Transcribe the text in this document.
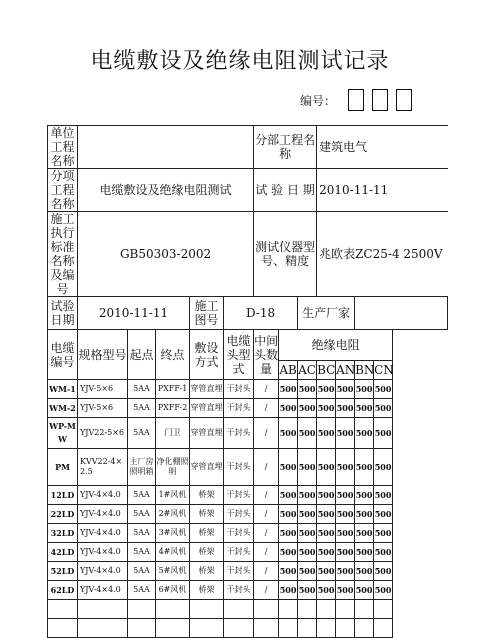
电缆敷设及绝缘电阻测试记录
编号：
单位工程名称						分部工程名称			建筑电气				
分项工程名称	电缆敷设及绝缘电阻测试					试 验 日 期			2010-11-11				
施工执行标准名称及编号	GB50303-2002					测试仪器型号、精度			兆欧表ZC25-4 2500V				
试验日期	2010-11-11			施工图号	D-18			生产厂家					
电缆编号	规格型号	起点	终点	敷设方式	电缆头型式	中间头数量	绝缘电阻						
							AB	AC	BC	AN	BN	CN	
WM-1	YJV-5×6	5AA	PXFF-1	穿管直埋	干封头	/	500	500	500	500	500	500	
WM-2	YJV-5×6	5AA	PXFF-2	穿管直埋	干封头	/	500	500	500	500	500	500	
WP-MW	YJV22-5×6	5AA	门卫	穿管直埋	干封头	/	500	500	500	500	500	500	
PM	KVV22-4×2.5	主厂房照明箱	净化棚照明	穿管直埋	干封头	/	500	500	500	500	500	500	
12LD	YJV-4×4.0	5AA	1#风机	桥架	干封头	/	500	500	500	500	500	500	
22LD	YJV-4×4.0	5AA	2#风机	桥架	干封头	/	500	500	500	500	500	500	
32LD	YJV-4×4.0	5AA	3#风机	桥架	干封头	/	500	500	500	500	500	500	
42LD	YJV-4×4.0	5AA	4#风机	桥架	干封头	/	500	500	500	500	500	500	
52LD	YJV-4×4.0	5AA	5#风机	桥架	干封头	/	500	500	500	500	500	500	
62LD	YJV-4×4.0	5AA	6#风机	桥架	干封头	/	500	500	500	500	500	500	
